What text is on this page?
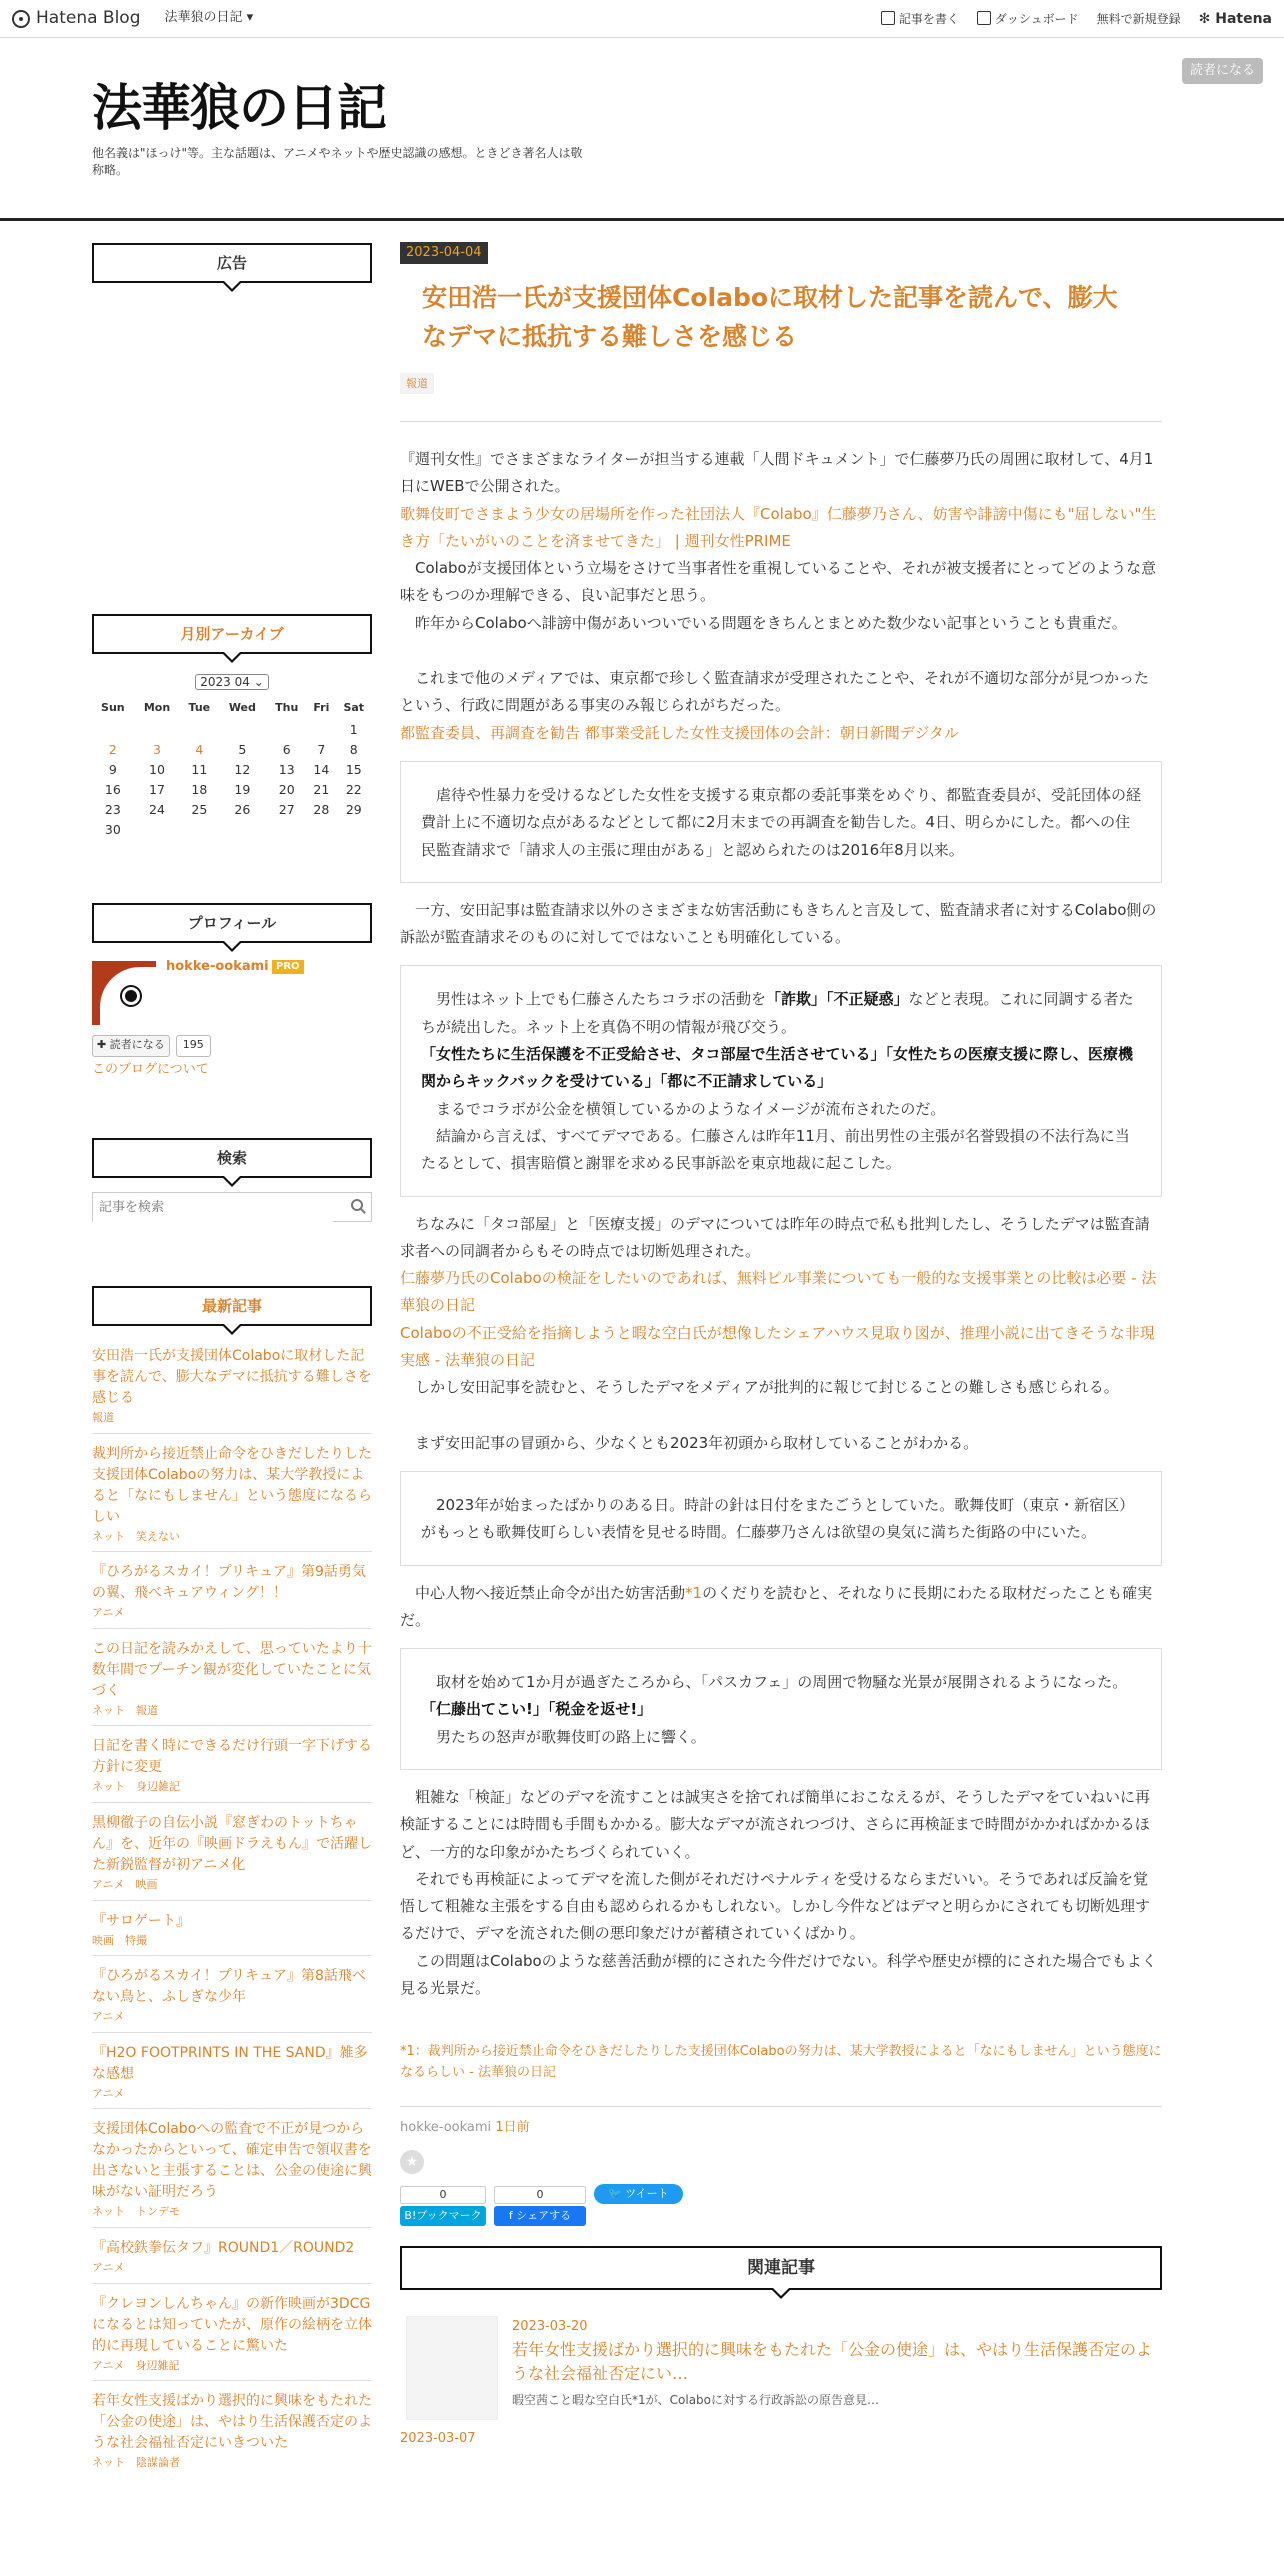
Hatena Blog 法華狼の日記 ▾	記事を書く	ダッシュボード 無料で新規登録 ✻ Hatena
法華狼の日記
他名義は"ほっけ"等。主な話題は、アニメやネットや歴史認識の感想。ときどき著名人は敬称略。
読者になる
広告
月別アーカイブ
2023 04 ⌄
Sun	Mon	Tue	Wed	Thu	Fri	Sat
						1
2	3	4	5	6	7	8
9	10	11	12	13	14	15
16	17	18	19	20	21	22
23	24	25	26	27	28	29
30						
プロフィール
hokke-ookami PRO
✚ 読者になる	195
このブログについて
検索
記事を検索
最新記事
安田浩一氏が支援団体Colaboに取材した記事を読んで、膨大なデマに抵抗する難しさを感じる
報道
裁判所から接近禁止命令をひきだしたりした支援団体Colaboの努力は、某大学教授によると「なにもしません」という態度になるらしい
ネット　笑えない
『ひろがるスカイ！プリキュア』第9話勇気の翼、飛べキュアウィング！！
アニメ
この日記を読みかえして、思っていたより十数年間でプーチン観が変化していたことに気づく
ネット　報道
日記を書く時にできるだけ行頭一字下げする方針に変更
ネット　身辺雑記
黒柳徹子の自伝小説『窓ぎわのトットちゃん』を、近年の『映画ドラえもん』で活躍した新鋭監督が初アニメ化
アニメ　映画
『サロゲート』
映画　特撮
『ひろがるスカイ！プリキュア』第8話飛べない鳥と、ふしぎな少年
アニメ
『H2O FOOTPRINTS IN THE SAND』雑多な感想
アニメ
支援団体Colaboへの監査で不正が見つからなかったからといって、確定申告で領収書を出さないと主張することは、公金の使途に興味がない証明だろう
ネット　トンデモ
『高校鉄拳伝タフ』ROUND1／ROUND2
アニメ
『クレヨンしんちゃん』の新作映画が3DCGになるとは知っていたが、原作の絵柄を立体的に再現していることに驚いた
アニメ　身辺雑記
若年女性支援ばかり選択的に興味をもたれた「公金の使途」は、やはり生活保護否定のような社会福祉否定にいきついた
ネット　陰謀論者
2023-04-04
安田浩一氏が支援団体Colaboに取材した記事を読んで、膨大なデマに抵抗する難しさを感じる
報道
『週刊女性』でさまざまなライターが担当する連載「人間ドキュメント」で仁藤夢乃氏の周囲に取材して、4月1日にWEBで公開された。
歌舞伎町でさまよう少女の居場所を作った社団法人『Colabo』仁藤夢乃さん、妨害や誹謗中傷にも"屈しない"生き方「たいがいのことを済ませてきた」 | 週刊女性PRIME
　Colaboが支援団体という立場をさけて当事者性を重視していることや、それが被支援者にとってどのような意味をもつのか理解できる、良い記事だと思う。
　昨年からColaboへ誹謗中傷があいついでいる問題をきちんとまとめた数少ない記事ということも貴重だ。
　これまで他のメディアでは、東京都で珍しく監査請求が受理されたことや、それが不適切な部分が見つかったという、行政に問題がある事実のみ報じられがちだった。
都監査委員、再調査を勧告 都事業受託した女性支援団体の会計：朝日新聞デジタル
　虐待や性暴力を受けるなどした女性を支援する東京都の委託事業をめぐり、都監査委員が、受託団体の経費計上に不適切な点があるなどとして都に2月末までの再調査を勧告した。4日、明らかにした。都への住民監査請求で「請求人の主張に理由がある」と認められたのは2016年8月以来。
　一方、安田記事は監査請求以外のさまざまな妨害活動にもきちんと言及して、監査請求者に対するColabo側の訴訟が監査請求そのものに対してではないことも明確化している。
　男性はネット上でも仁藤さんたちコラボの活動を「詐欺」「不正疑惑」などと表現。これに同調する者たちが続出した。ネット上を真偽不明の情報が飛び交う。
「女性たちに生活保護を不正受給させ、タコ部屋で生活させている」「女性たちの医療支援に際し、医療機関からキックバックを受けている」「都に不正請求している」
　まるでコラボが公金を横領しているかのようなイメージが流布されたのだ。
　結論から言えば、すべてデマである。仁藤さんは昨年11月、前出男性の主張が名誉毀損の不法行為に当たるとして、損害賠償と謝罪を求める民事訴訟を東京地裁に起こした。
　ちなみに「タコ部屋」と「医療支援」のデマについては昨年の時点で私も批判したし、そうしたデマは監査請求者への同調者からもその時点では切断処理された。
仁藤夢乃氏のColaboの検証をしたいのであれば、無料ピル事業についても一般的な支援事業との比較は必要 - 法華狼の日記
Colaboの不正受給を指摘しようと暇な空白氏が想像したシェアハウス見取り図が、推理小説に出てきそうな非現実感 - 法華狼の日記
　しかし安田記事を読むと、そうしたデマをメディアが批判的に報じて封じることの難しさも感じられる。
　まず安田記事の冒頭から、少なくとも2023年初頭から取材していることがわかる。
　2023年が始まったばかりのある日。時計の針は日付をまたごうとしていた。歌舞伎町（東京・新宿区）がもっとも歌舞伎町らしい表情を見せる時間。仁藤夢乃さんは欲望の臭気に満ちた街路の中にいた。
　中心人物へ接近禁止命令が出た妨害活動*1のくだりを読むと、それなりに長期にわたる取材だったことも確実だ。
　取材を始めて1か月が過ぎたころから、「パスカフェ」の周囲で物騒な光景が展開されるようになった。
「仁藤出てこい!」「税金を返せ!」
　男たちの怒声が歌舞伎町の路上に響く。
　粗雑な「検証」などのデマを流すことは誠実さを捨てれば簡単におこなえるが、そうしたデマをていねいに再検証することには時間も手間もかかる。膨大なデマが流されつづけ、さらに再検証まで時間がかかればかかるほど、一方的な印象がかたちづくられていく。
　それでも再検証によってデマを流した側がそれだけペナルティを受けるならまだいい。そうであれば反論を覚悟して粗雑な主張をする自由も認められるかもしれない。しかし今件などはデマと明らかにされても切断処理するだけで、デマを流された側の悪印象だけが蓄積されていくばかり。
　この問題はColaboのような慈善活動が標的にされた今件だけでない。科学や歴史が標的にされた場合でもよく見る光景だ。
*1：裁判所から接近禁止命令をひきだしたりした支援団体Colaboの努力は、某大学教授によると「なにもしません」という態度になるらしい - 法華狼の日記
hokke-ookami 1日前
★
0
B!ブックマーク
0
f シェアする
🐦 ツイート
関連記事
2023-03-20
若年女性支援ばかり選択的に興味をもたれた「公金の使途」は、やはり生活保護否定のような社会福祉否定にい…
暇空茜こと暇な空白氏*1が、Colaboに対する行政訴訟の原告意見…
2023-03-07
